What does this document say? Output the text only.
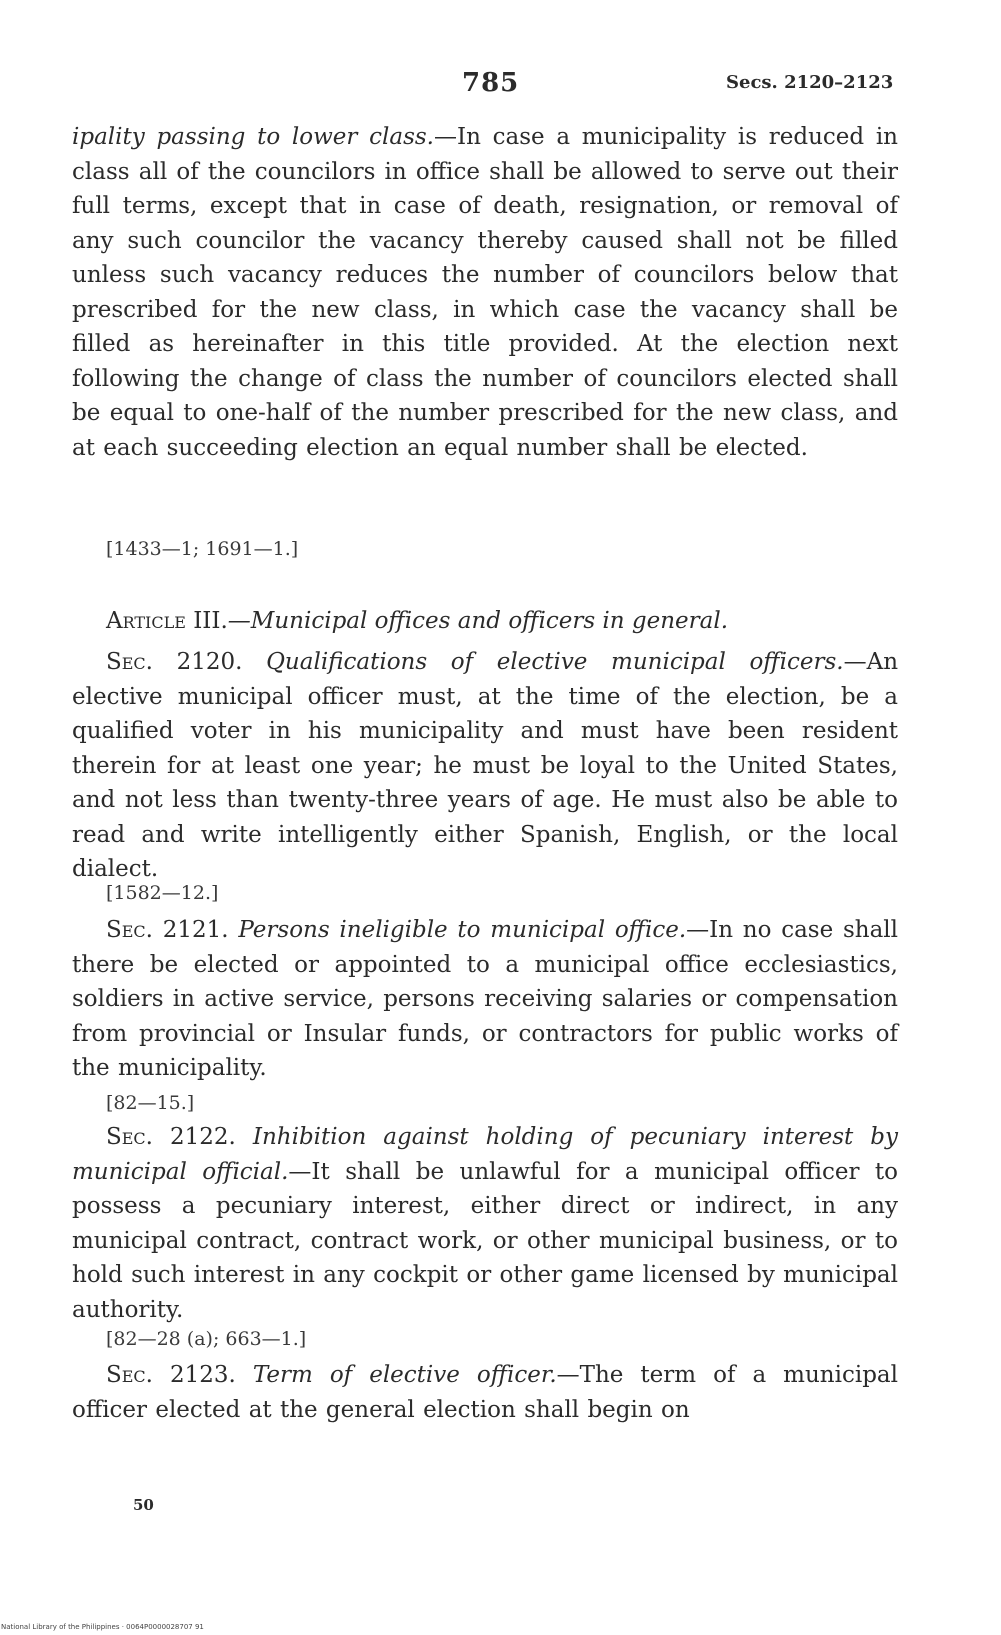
785	Secs. 2120–2123
ipality passing to lower class.—In case a municipality is reduced in class all of the councilors in office shall be allowed to serve out their full terms, except that in case of death, resignation, or removal of any such councilor the vacancy thereby caused shall not be filled unless such vacancy reduces the number of councilors below that prescribed for the new class, in which case the vacancy shall be filled as hereinafter in this title provided. At the election next following the change of class the number of councilors elected shall be equal to one-half of the number prescribed for the new class, and at each succeeding election an equal number shall be elected.
[1433—1; 1691—1.]
Article III.—Municipal offices and officers in general.
Sec. 2120. Qualifications of elective municipal officers.—An elective municipal officer must, at the time of the election, be a qualified voter in his municipality and must have been resident therein for at least one year; he must be loyal to the United States, and not less than twenty-three years of age. He must also be able to read and write intelligently either Spanish, English, or the local dialect.
[1582—12.]
Sec. 2121. Persons ineligible to municipal office.—In no case shall there be elected or appointed to a municipal office ecclesiastics, soldiers in active service, persons receiving salaries or compensation from provincial or Insular funds, or contractors for public works of the municipality.
[82—15.]
Sec. 2122. Inhibition against holding of pecuniary interest by municipal official.—It shall be unlawful for a municipal officer to possess a pecuniary interest, either direct or indirect, in any municipal contract, contract work, or other municipal business, or to hold such interest in any cockpit or other game licensed by municipal authority.
[82—28 (a); 663—1.]
Sec. 2123. Term of elective officer.—The term of a municipal officer elected at the general election shall begin on
50
National Library of the Philippines · 0064P0000028707 91
